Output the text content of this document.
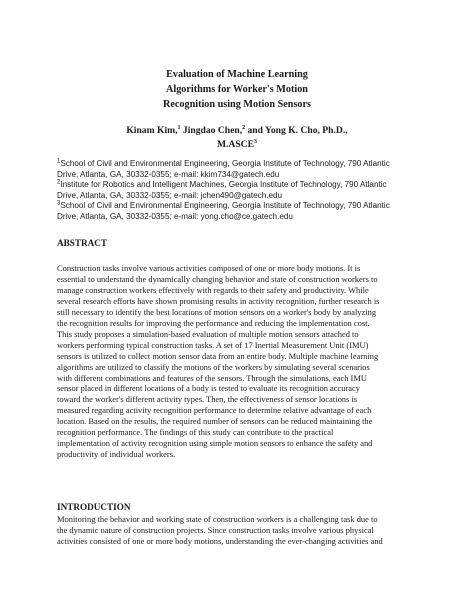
Evaluation of Machine Learning
Algorithms for Worker's Motion
Recognition using Motion Sensors
Kinam Kim,$^1$ Jingdao Chen,$^2$ and Yong K. Cho, Ph.D.,
M.ASCE$^3$
$^1$School of Civil and Environmental Engineering, Georgia Institute of Technology, 790 Atlantic
Drive, Atlanta, GA, 30332-0355; e-mail: kkim734@gatech.edu
$^2$Institute for Robotics and Intelligent Machines, Georgia Institute of Technology, 790 Atlantic
Drive, Atlanta, GA, 30332-0355; e-mail: jchen490@gatech.edu
$^3$School of Civil and Environmental Engineering, Georgia Institute of Technology, 790 Atlantic
Drive, Atlanta, GA, 30332-0355; e-mail: yong.cho@ce.gatech.edu
ABSTRACT

Construction tasks involve various activities composed of one or more body motions. It is
essential to understand the dynamically changing behavior and state of construction workers to
manage construction workers effectively with regards to their safety and productivity. While
several research efforts have shown promising results in activity recognition, further research is
still necessary to identify the best locations of motion sensors on a worker's body by analyzing
the recognition results for improving the performance and reducing the implementation cost.
This study proposes a simulation-based evaluation of multiple motion sensors attached to
workers performing typical construction tasks. A set of 17 Inertial Measurement Unit (IMU)
sensors is utilized to collect motion sensor data from an entire body. Multiple machine learning
algorithms are utilized to classify the motions of the workers by simulating several scenarios
with different combinations and features of the sensors. Through the simulations, each IMU
sensor placed in different locations of a body is tested to evaluate its recognition accuracy
toward the worker's different activity types. Then, the effectiveness of sensor locations is
measured regarding activity recognition performance to determine relative advantage of each
location. Based on the results, the required number of sensors can be reduced maintaining the
recognition performance. The findings of this study can contribute to the practical
implementation of activity recognition using simple motion sensors to enhance the safety and
productivity of individual workers.

INTRODUCTION

Monitoring the behavior and working state of construction workers is a challenging task due to
the dynamic nature of construction projects. Since construction tasks involve various physical
activities consisted of one or more body motions, understanding the ever-changing activities and
